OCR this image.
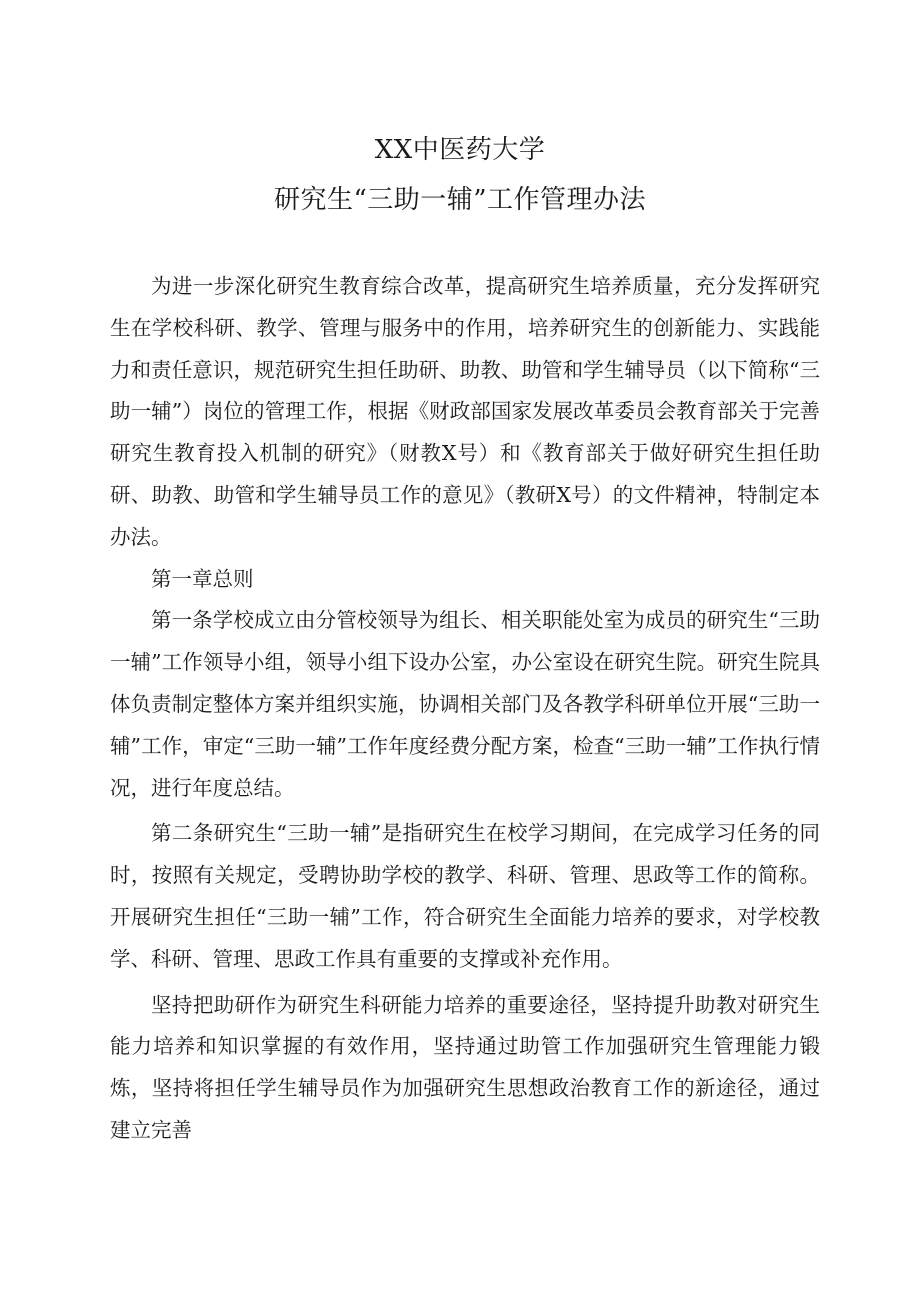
XX中医药大学
研究生“三助一辅”工作管理办法

为进一步深化研究生教育综合改革，提高研究生培养质量，充分发挥研究生在学校科研、教学、管理与服务中的作用，培养研究生的创新能力、实践能力和责任意识，规范研究生担任助研、助教、助管和学生辅导员（以下简称“三助一辅”）岗位的管理工作，根据《财政部国家发展改革委员会教育部关于完善研究生教育投入机制的研究》（财教X号）和《教育部关于做好研究生担任助研、助教、助管和学生辅导员工作的意见》（教研X号）的文件精神，特制定本办法。

第一章总则

第一条学校成立由分管校领导为组长、相关职能处室为成员的研究生“三助一辅”工作领导小组，领导小组下设办公室，办公室设在研究生院。研究生院具体负责制定整体方案并组织实施，协调相关部门及各教学科研单位开展“三助一辅”工作，审定“三助一辅”工作年度经费分配方案，检查“三助一辅”工作执行情况，进行年度总结。

第二条研究生“三助一辅”是指研究生在校学习期间，在完成学习任务的同时，按照有关规定，受聘协助学校的教学、科研、管理、思政等工作的简称。开展研究生担任“三助一辅”工作，符合研究生全面能力培养的要求，对学校教学、科研、管理、思政工作具有重要的支撑或补充作用。

坚持把助研作为研究生科研能力培养的重要途径，坚持提升助教对研究生能力培养和知识掌握的有效作用，坚持通过助管工作加强研究生管理能力锻炼，坚持将担任学生辅导员作为加强研究生思想政治教育工作的新途径，通过建立完善
